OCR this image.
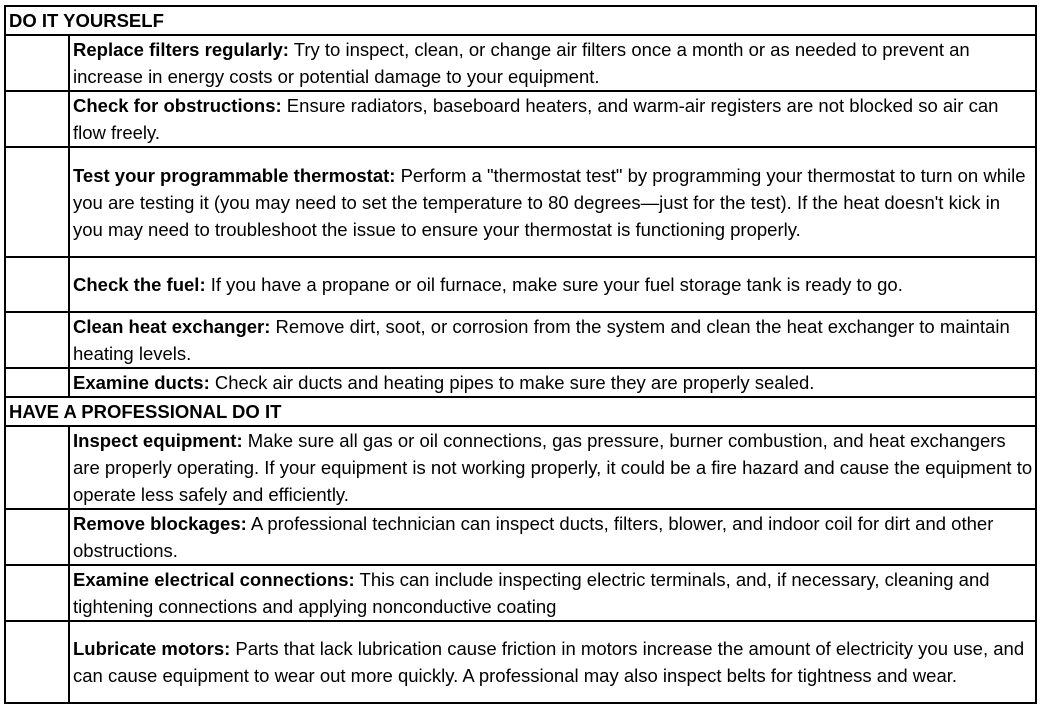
DO IT YOURSELF	
	Replace filters regularly: Try to inspect, clean, or change air filters once a month or as needed to prevent an increase in energy costs or potential damage to your equipment.
	Check for obstructions: Ensure radiators, baseboard heaters, and warm-air registers are not blocked so air can flow freely.
	Test your programmable thermostat: Perform a "thermostat test" by programming your thermostat to turn on while you are testing it (you may need to set the temperature to 80 degrees—just for the test). If the heat doesn't kick in you may need to troubleshoot the issue to ensure your thermostat is functioning properly.
	Check the fuel: If you have a propane or oil furnace, make sure your fuel storage tank is ready to go.
	Clean heat exchanger: Remove dirt, soot, or corrosion from the system and clean the heat exchanger to maintain heating levels.
	Examine ducts: Check air ducts and heating pipes to make sure they are properly sealed.
HAVE A PROFESSIONAL DO IT	
	Inspect equipment: Make sure all gas or oil connections, gas pressure, burner combustion, and heat exchangers are properly operating. If your equipment is not working properly, it could be a fire hazard and cause the equipment to operate less safely and efficiently.
	Remove blockages: A professional technician can inspect ducts, filters, blower, and indoor coil for dirt and other obstructions.
	Examine electrical connections: This can include inspecting electric terminals, and, if necessary, cleaning and tightening connections and applying nonconductive coating
	Lubricate motors: Parts that lack lubrication cause friction in motors increase the amount of electricity you use, and can cause equipment to wear out more quickly. A professional may also inspect belts for tightness and wear.
